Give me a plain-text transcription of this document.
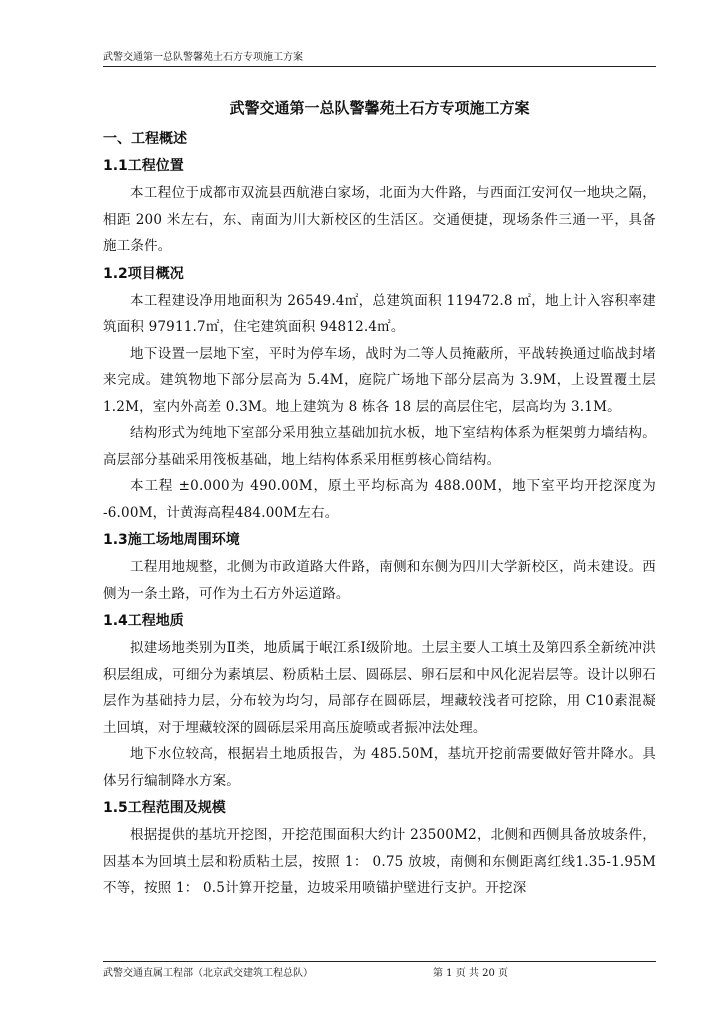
武警交通第一总队警馨苑土石方专项施工方案
武警交通第一总队警馨苑土石方专项施工方案
一、工程概述
1.1工程位置

本工程位于成都市双流县西航港白家场，北面为大件路，与西面江安河仅一地块之隔，相距 200 米左右，东、南面为川大新校区的生活区。交通便捷，现场条件三通一平，具备施工条件。

1.2项目概况

本工程建设净用地面积为 26549.4㎡，总建筑面积 119472.8 ㎡，地上计入容积率建筑面积 97911.7㎡，住宅建筑面积 94812.4㎡。

地下设置一层地下室，平时为停车场，战时为二等人员掩蔽所，平战转换通过临战封堵来完成。建筑物地下部分层高为 5.4M，庭院广场地下部分层高为 3.9M，上设置覆土层 1.2M，室内外高差 0.3M。地上建筑为 8 栋各 18 层的高层住宅，层高均为 3.1M。

结构形式为纯地下室部分采用独立基础加抗水板，地下室结构体系为框架剪力墙结构。高层部分基础采用筏板基础，地上结构体系采用框剪核心筒结构。

本工程 ±0.000为 490.00M，原土平均标高为 488.00M，地下室平均开挖深度为 -6.00M，计黄海高程484.00M左右。

1.3施工场地周围环境

工程用地规整，北侧为市政道路大件路，南侧和东侧为四川大学新校区，尚未建设。西侧为一条土路，可作为土石方外运道路。

1.4工程地质

拟建场地类别为Ⅱ类，地质属于岷江系Ⅰ级阶地。土层主要人工填土及第四系全新统冲洪积层组成，可细分为素填层、粉质粘土层、圆砾层、卵石层和中风化泥岩层等。设计以卵石层作为基础持力层，分布较为均匀，局部存在圆砾层，埋藏较浅者可挖除，用 C10素混凝土回填，对于埋藏较深的圆砾层采用高压旋喷或者振冲法处理。

地下水位较高，根据岩土地质报告，为 485.50M，基坑开挖前需要做好管井降水。具体另行编制降水方案。

1.5工程范围及规模

根据提供的基坑开挖图，开挖范围面积大约计 23500M2，北侧和西侧具备放坡条件，因基本为回填土层和粉质粘土层，按照 1： 0.75 放坡，南侧和东侧距离红线1.35-1.95M不等，按照 1： 0.5计算开挖量，边坡采用喷锚护壁进行支护。开挖深

武警交通直属工程部（北京武交建筑工程总队）	第 1 页 共 20 页
